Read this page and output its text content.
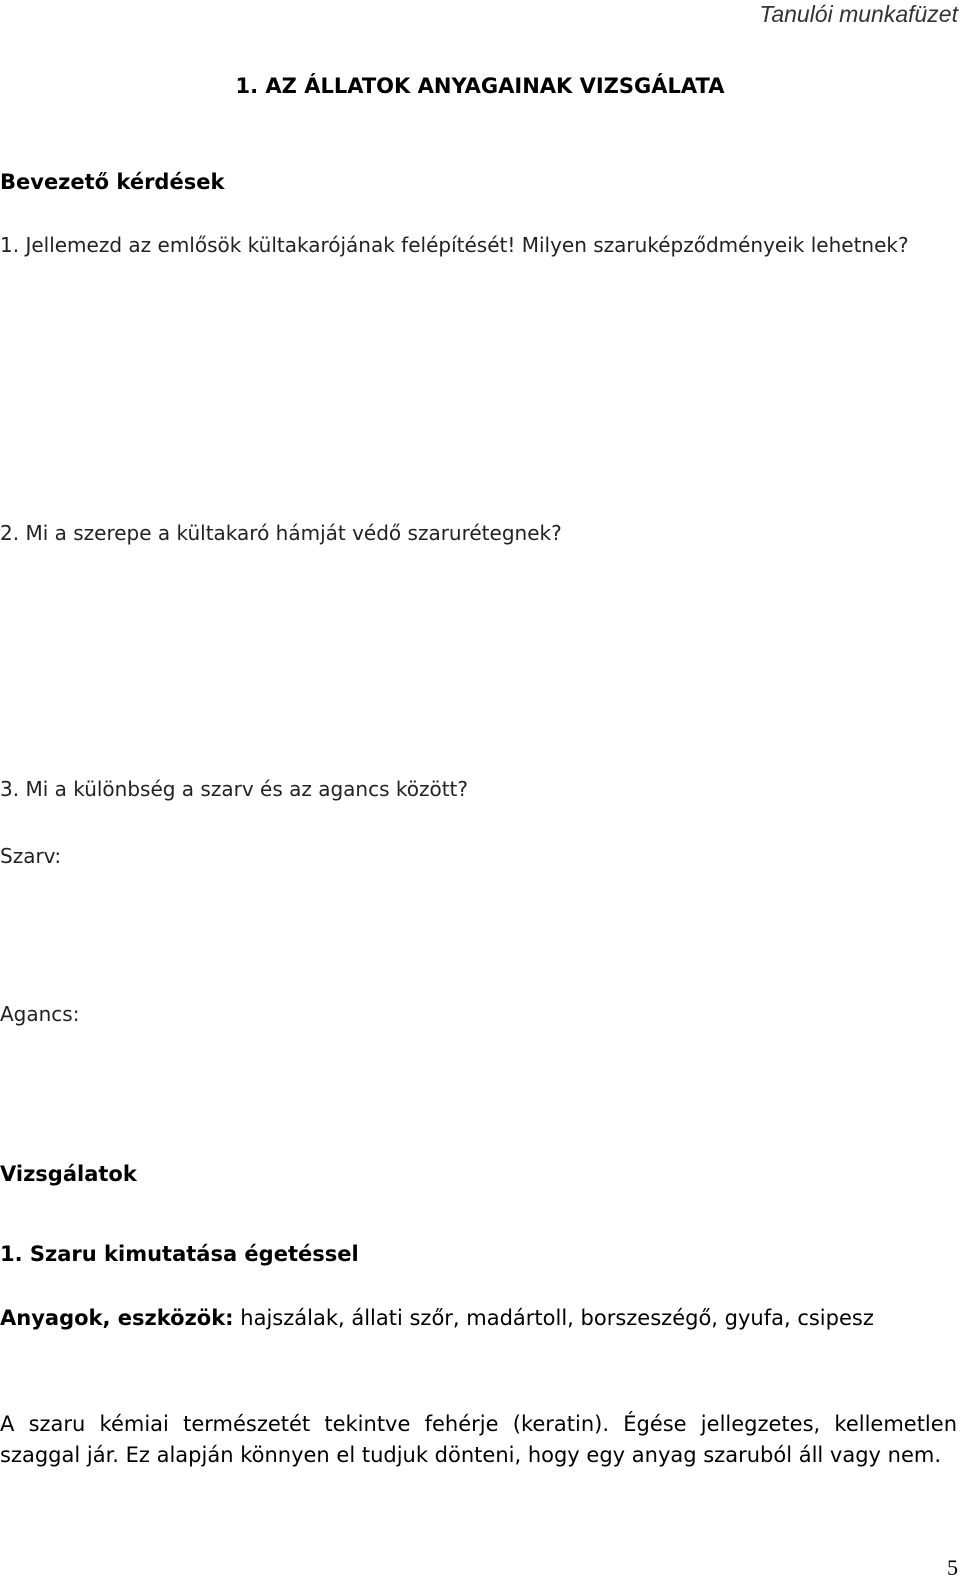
Tanulói munkafüzet
1. AZ ÁLLATOK ANYAGAINAK VIZSGÁLATA
Bevezető kérdések
1. Jellemezd az emlősök kültakarójának felépítését! Milyen szaruképződményeik lehetnek?
2. Mi a szerepe a kültakaró hámját védő szarurétegnek?
3. Mi a különbség a szarv és az agancs között?
Szarv:
Agancs:
Vizsgálatok
1. Szaru kimutatása égetéssel
Anyagok, eszközök: hajszálak, állati szőr, madártoll, borszeszégő, gyufa, csipesz
A szaru kémiai természetét tekintve fehérje (keratin). Égése jellegzetes, kellemetlen szaggal jár. Ez alapján könnyen el tudjuk dönteni, hogy egy anyag szaruból áll vagy nem.
5
